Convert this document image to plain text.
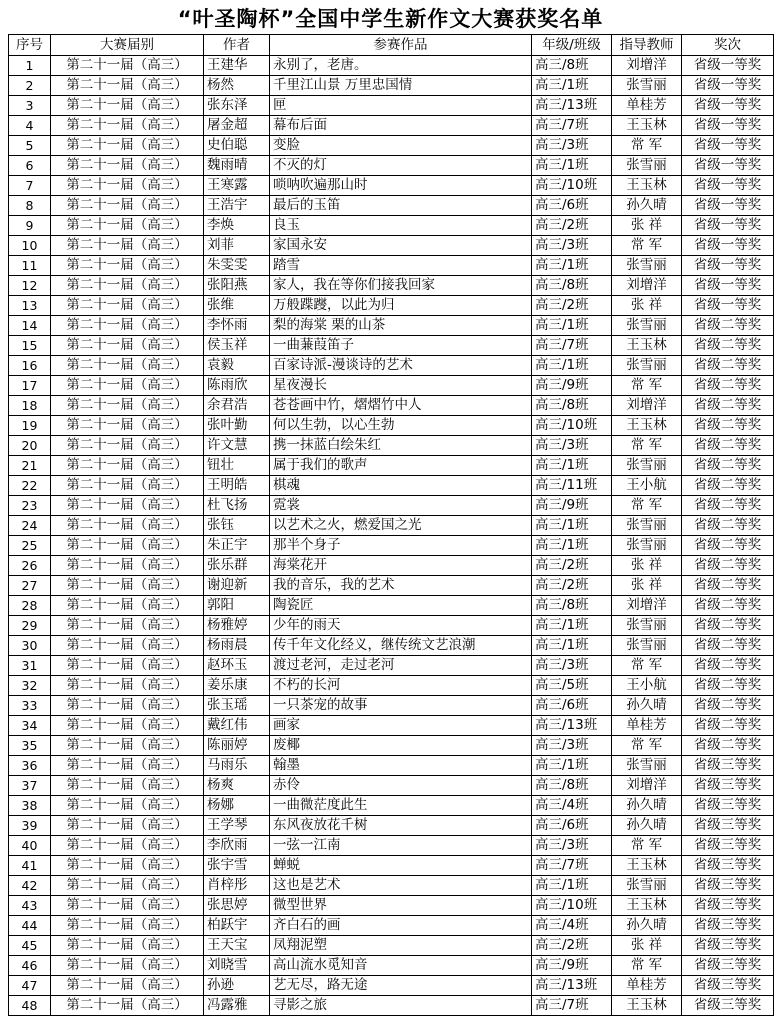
“叶圣陶杯”全国中学生新作文大赛获奖名单
序号	大赛届别	作者	参赛作品	年级/班级	指导教师	奖次
1	第二十一届（高三）	王建华	永别了，老唐。	高三/8班	刘增洋	省级一等奖
2	第二十一届（高三）	杨然	千里江山景 万里忠国情	高三/1班	张雪丽	省级一等奖
3	第二十一届（高三）	张东泽	匣	高三/13班	单桂芳	省级一等奖
4	第二十一届（高三）	屠金超	幕布后面	高三/7班	王玉林	省级一等奖
5	第二十一届（高三）	史伯聪	变脸	高三/3班	常 军	省级一等奖
6	第二十一届（高三）	魏雨晴	不灭的灯	高三/1班	张雪丽	省级一等奖
7	第二十一届（高三）	王寒露	唢呐吹遍那山时	高三/10班	王玉林	省级一等奖
8	第二十一届（高三）	王浩宇	最后的玉笛	高三/6班	孙久晴	省级一等奖
9	第二十一届（高三）	李焕	良玉	高三/2班	张 祥	省级一等奖
10	第二十一届（高三）	刘菲	家国永安	高三/3班	常 军	省级一等奖
11	第二十一届（高三）	朱雯雯	踏雪	高三/1班	张雪丽	省级一等奖
12	第二十一届（高三）	张阳燕	家人，我在等你们接我回家	高三/8班	刘增洋	省级一等奖
13	第二十一届（高三）	张维	万般蹀躞，以此为归	高三/2班	张 祥	省级一等奖
14	第二十一届（高三）	李怀雨	梨的海棠 栗的山茶	高三/1班	张雪丽	省级二等奖
15	第二十一届（高三）	侯玉祥	一曲蒹葭笛子	高三/7班	王玉林	省级二等奖
16	第二十一届（高三）	袁毅	百家诗派-漫谈诗的艺术	高三/1班	张雪丽	省级二等奖
17	第二十一届（高三）	陈雨欣	星夜漫长	高三/9班	常 军	省级二等奖
18	第二十一届（高三）	余君浩	苍苍画中竹，熠熠竹中人	高三/8班	刘增洋	省级二等奖
19	第二十一届（高三）	张叶勤	何以生勃，以心生勃	高三/10班	王玉林	省级二等奖
20	第二十一届（高三）	许文慧	携一抹蓝白绘朱红	高三/3班	常 军	省级二等奖
21	第二十一届（高三）	钮壮	属于我们的歌声	高三/1班	张雪丽	省级二等奖
22	第二十一届（高三）	王明皓	棋魂	高三/11班	王小航	省级二等奖
23	第二十一届（高三）	杜飞扬	霓裳	高三/9班	常 军	省级二等奖
24	第二十一届（高三）	张钰	以艺术之火，燃爱国之光	高三/1班	张雪丽	省级二等奖
25	第二十一届（高三）	朱正宇	那半个身子	高三/1班	张雪丽	省级二等奖
26	第二十一届（高三）	张乐群	海棠花开	高三/2班	张 祥	省级二等奖
27	第二十一届（高三）	谢迎新	我的音乐，我的艺术	高三/2班	张 祥	省级二等奖
28	第二十一届（高三）	郭阳	陶瓷匠	高三/8班	刘增洋	省级二等奖
29	第二十一届（高三）	杨雅婷	少年的雨天	高三/1班	张雪丽	省级二等奖
30	第二十一届（高三）	杨雨晨	传千年文化经义，继传统文艺浪潮	高三/1班	张雪丽	省级二等奖
31	第二十一届（高三）	赵环玉	渡过老河，走过老河	高三/3班	常 军	省级二等奖
32	第二十一届（高三）	姜乐康	不朽的长河	高三/5班	王小航	省级二等奖
33	第二十一届（高三）	张玉瑶	一只茶宠的故事	高三/6班	孙久晴	省级二等奖
34	第二十一届（高三）	戴红伟	画家	高三/13班	单桂芳	省级二等奖
35	第二十一届（高三）	陈丽婷	废椰	高三/3班	常 军	省级二等奖
36	第二十一届（高三）	马雨乐	翰墨	高三/1班	张雪丽	省级三等奖
37	第二十一届（高三）	杨爽	赤伶	高三/8班	刘增洋	省级三等奖
38	第二十一届（高三）	杨娜	一曲微茫度此生	高三/4班	孙久晴	省级三等奖
39	第二十一届（高三）	王学琴	东风夜放花千树	高三/6班	孙久晴	省级三等奖
40	第二十一届（高三）	李欣雨	一弦一江南	高三/3班	常 军	省级三等奖
41	第二十一届（高三）	张宇雪	蝉蜕	高三/7班	王玉林	省级三等奖
42	第二十一届（高三）	肖梓彤	这也是艺术	高三/1班	张雪丽	省级三等奖
43	第二十一届（高三）	张思婷	微型世界	高三/10班	王玉林	省级三等奖
44	第二十一届（高三）	柏跃宇	齐白石的画	高三/4班	孙久晴	省级三等奖
45	第二十一届（高三）	王天宝	凤翔泥塑	高三/2班	张 祥	省级三等奖
46	第二十一届（高三）	刘晓雪	高山流水觅知音	高三/9班	常 军	省级三等奖
47	第二十一届（高三）	孙逊	艺无尽，路无途	高三/13班	单桂芳	省级三等奖
48	第二十一届（高三）	冯露雅	寻影之旅	高三/7班	王玉林	省级三等奖
